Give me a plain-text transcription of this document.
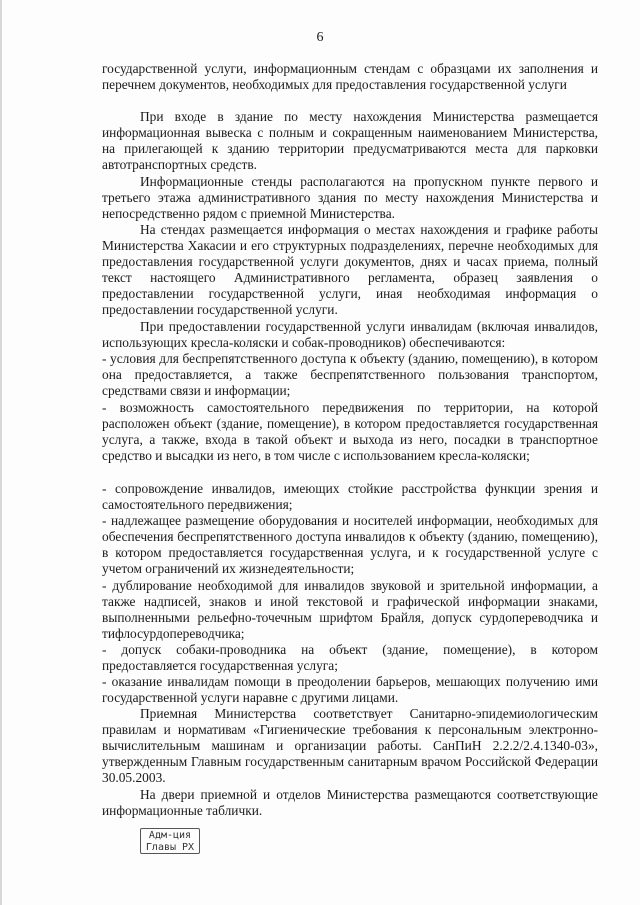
6

государственной услуги, информационным стендам с образцами их заполнения и перечнем документов, необходимых для предоставления государственной услуги

При входе в здание по месту нахождения Министерства размещается информационная вывеска с полным и сокращенным наименованием Министерства, на прилегающей к зданию территории предусматриваются места для парковки автотранспортных средств.

Информационные стенды располагаются на пропускном пункте первого и третьего этажа административного здания по месту нахождения Министерства и непосредственно рядом с приемной Министерства.

На стендах размещается информация о местах нахождения и графике работы Министерства Хакасии и его структурных подразделениях, перечне необходимых для предоставления государственной услуги документов, днях и часах приема, полный текст настоящего Административного регламента, образец заявления о предоставлении государственной услуги, иная необходимая информация о предоставлении государственной услуги.

При предоставлении государственной услуги инвалидам (включая инвалидов, использующих кресла-коляски и собак-проводников) обеспечиваются:

- условия для беспрепятственного доступа к объекту (зданию, помещению), в котором она предоставляется, а также беспрепятственного пользования транспортом, средствами связи и информации;

- возможность самостоятельного передвижения по территории, на которой расположен объект (здание, помещение), в котором предоставляется государственная услуга, а также, входа в такой объект и выхода из него, посадки в транспортное средство и высадки из него, в том числе с использованием кресла-коляски;

- сопровождение инвалидов, имеющих стойкие расстройства функции зрения и самостоятельного передвижения;

- надлежащее размещение оборудования и носителей информации, необходимых для обеспечения беспрепятственного доступа инвалидов к объекту (зданию, помещению), в котором предоставляется государственная услуга, и к государственной услуге с учетом ограничений их жизнедеятельности;

- дублирование необходимой для инвалидов звуковой и зрительной информации, а также надписей, знаков и иной текстовой и графической информации знаками, выполненными рельефно-точечным шрифтом Брайля, допуск сурдопереводчика и тифлосурдопереводчика;

- допуск собаки-проводника на объект (здание, помещение), в котором предоставляется государственная услуга;

- оказание инвалидам помощи в преодолении барьеров, мешающих получению ими государственной услуги наравне с другими лицами.

Приемная Министерства соответствует Санитарно-эпидемиологическим правилам и нормативам «Гигиенические требования к персональным электронно-вычислительным машинам и организации работы. СанПиН 2.2.2/2.4.1340-03», утвержденным Главным государственным санитарным врачом Российской Федерации 30.05.2003.

На двери приемной и отделов Министерства размещаются соответствующие информационные таблички.

Адм-ция
Главы РХ
